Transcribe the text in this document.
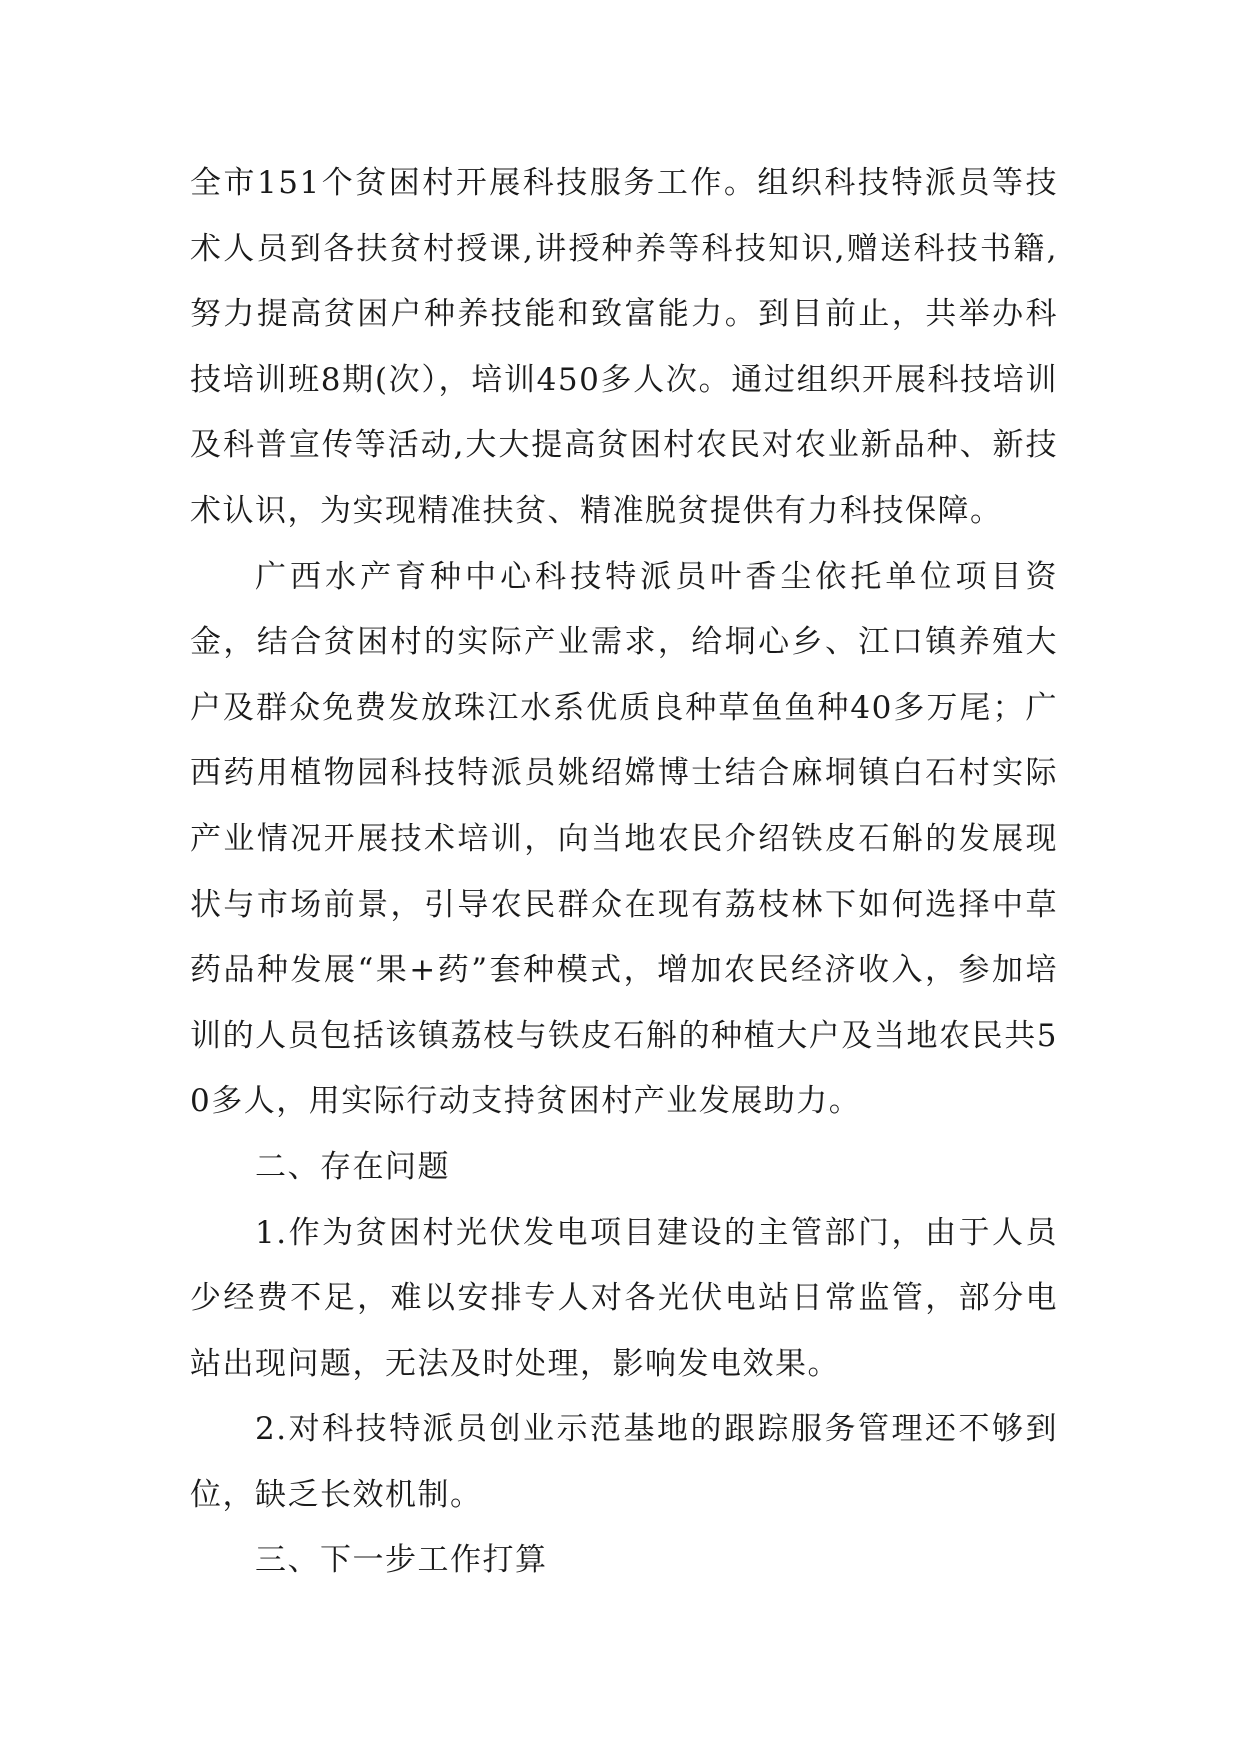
全市151个贫困村开展科技服务工作。组织科技特派员等技术人员到各扶贫村授课,讲授种养等科技知识,赠送科技书籍,努力提高贫困户种养技能和致富能力。到目前止，共举办科技培训班8期(次），培训450多人次。通过组织开展科技培训及科普宣传等活动,大大提高贫困村农民对农业新品种、新技术认识，为实现精准扶贫、精准脱贫提供有力科技保障。

广西水产育种中心科技特派员叶香尘依托单位项目资金，结合贫困村的实际产业需求，给垌心乡、江口镇养殖大户及群众免费发放珠江水系优质良种草鱼鱼种40多万尾；广西药用植物园科技特派员姚绍嫦博士结合麻垌镇白石村实际产业情况开展技术培训，向当地农民介绍铁皮石斛的发展现状与市场前景，引导农民群众在现有荔枝林下如何选择中草药品种发展“果+药”套种模式，增加农民经济收入，参加培训的人员包括该镇荔枝与铁皮石斛的种植大户及当地农民共50多人，用实际行动支持贫困村产业发展助力。

二、存在问题

1.作为贫困村光伏发电项目建设的主管部门，由于人员少经费不足，难以安排专人对各光伏电站日常监管，部分电站出现问题，无法及时处理，影响发电效果。

2.对科技特派员创业示范基地的跟踪服务管理还不够到位，缺乏长效机制。

三、下一步工作打算
